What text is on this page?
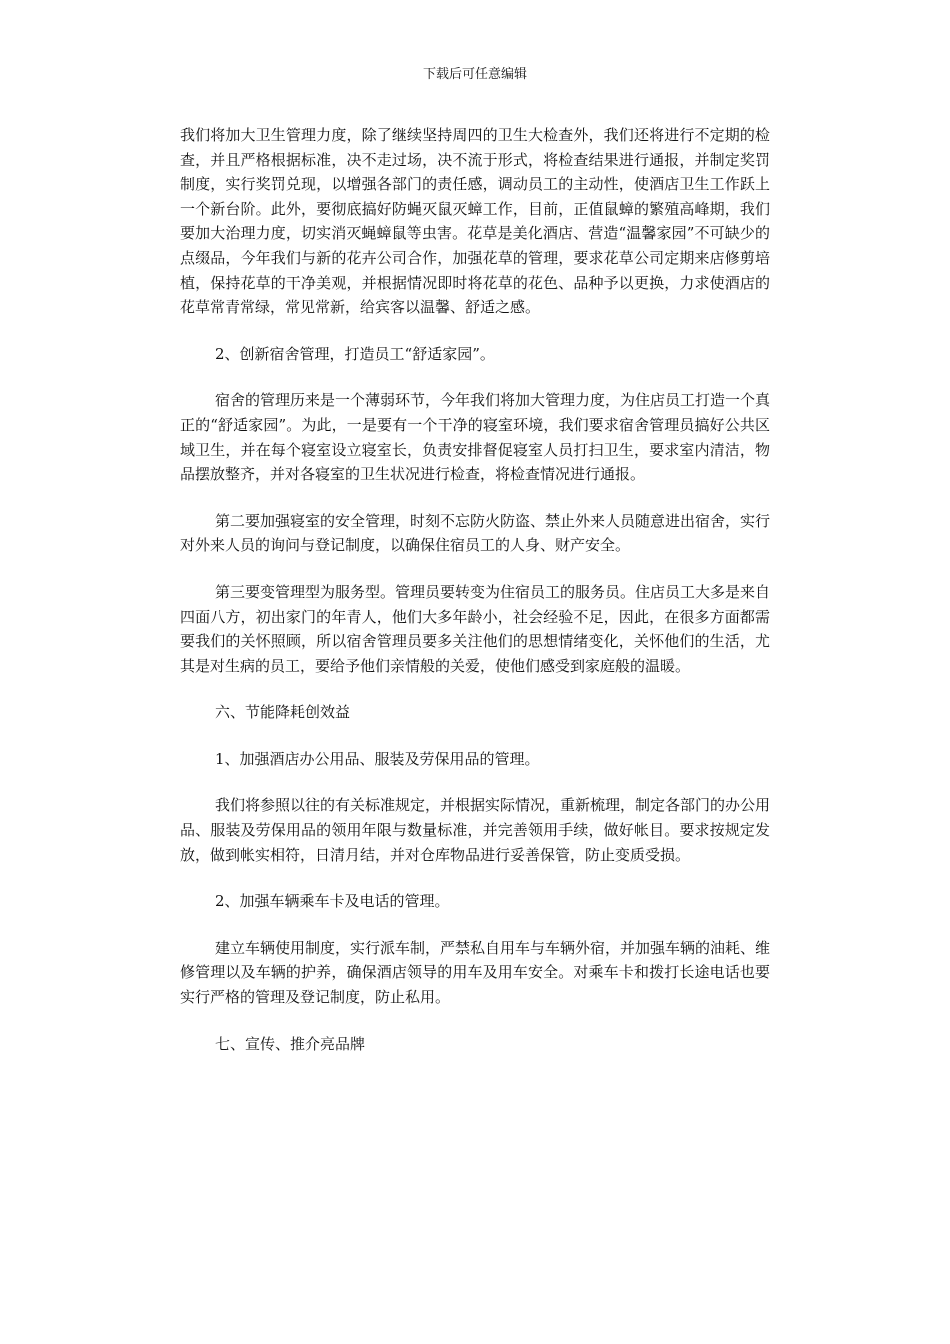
下载后可任意编辑

我们将加大卫生管理力度，除了继续坚持周四的卫生大检查外，我们还将进行不定期的检查，并且严格根据标准，决不走过场，决不流于形式，将检查结果进行通报，并制定奖罚制度，实行奖罚兑现，以增强各部门的责任感，调动员工的主动性，使酒店卫生工作跃上一个新台阶。此外，要彻底搞好防蝇灭鼠灭蟑工作，目前，正值鼠蟑的繁殖高峰期，我们要加大治理力度，切实消灭蝇蟑鼠等虫害。花草是美化酒店、营造“温馨家园”不可缺少的点缀品，今年我们与新的花卉公司合作，加强花草的管理，要求花草公司定期来店修剪培植，保持花草的干净美观，并根据情况即时将花草的花色、品种予以更换，力求使酒店的花草常青常绿，常见常新，给宾客以温馨、舒适之感。

2、创新宿舍管理，打造员工“舒适家园”。

宿舍的管理历来是一个薄弱环节，今年我们将加大管理力度，为住店员工打造一个真正的“舒适家园”。为此，一是要有一个干净的寝室环境，我们要求宿舍管理员搞好公共区域卫生，并在每个寝室设立寝室长，负责安排督促寝室人员打扫卫生，要求室内清洁，物品摆放整齐，并对各寝室的卫生状况进行检查，将检查情况进行通报。

第二要加强寝室的安全管理，时刻不忘防火防盗、禁止外来人员随意进出宿舍，实行对外来人员的询问与登记制度，以确保住宿员工的人身、财产安全。

第三要变管理型为服务型。管理员要转变为住宿员工的服务员。住店员工大多是来自四面八方，初出家门的年青人，他们大多年龄小，社会经验不足，因此，在很多方面都需要我们的关怀照顾，所以宿舍管理员要多关注他们的思想情绪变化，关怀他们的生活，尤其是对生病的员工，要给予他们亲情般的关爱，使他们感受到家庭般的温暖。

六、节能降耗创效益

1、加强酒店办公用品、服装及劳保用品的管理。

我们将参照以往的有关标准规定，并根据实际情况，重新梳理，制定各部门的办公用品、服装及劳保用品的领用年限与数量标准，并完善领用手续，做好帐目。要求按规定发放，做到帐实相符，日清月结，并对仓库物品进行妥善保管，防止变质受损。

2、加强车辆乘车卡及电话的管理。

建立车辆使用制度，实行派车制，严禁私自用车与车辆外宿，并加强车辆的油耗、维修管理以及车辆的护养，确保酒店领导的用车及用车安全。对乘车卡和拨打长途电话也要实行严格的管理及登记制度，防止私用。

七、宣传、推介亮品牌
